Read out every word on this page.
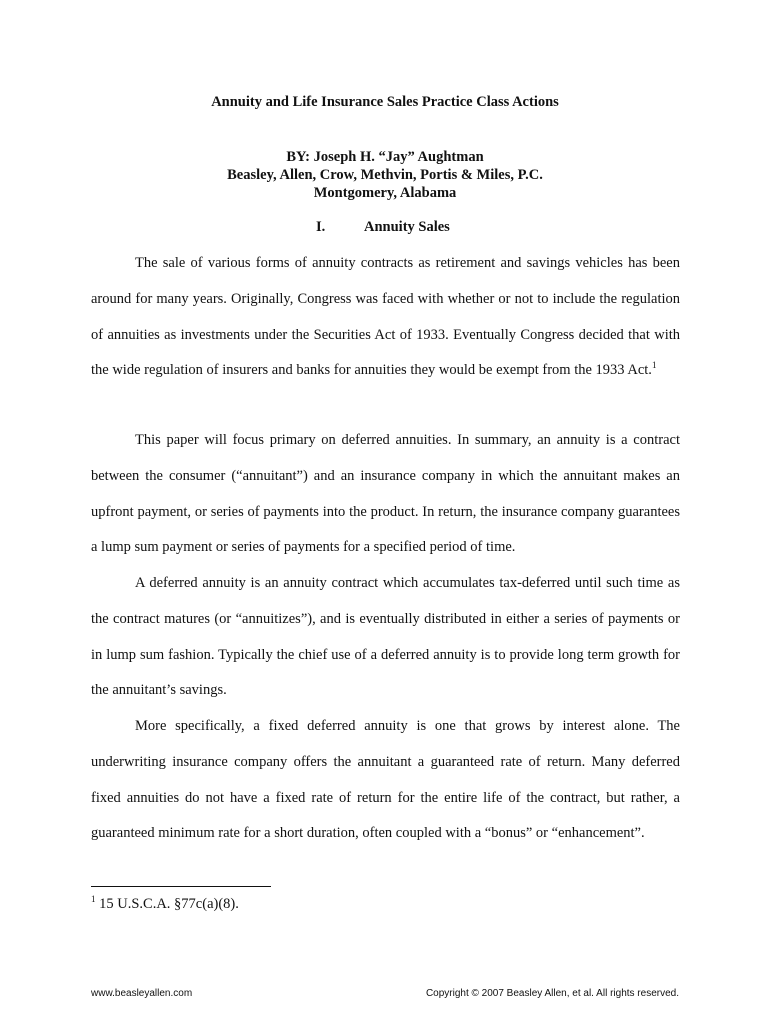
Annuity and Life Insurance Sales Practice Class Actions
BY: Joseph H. “Jay” Aughtman
Beasley, Allen, Crow, Methvin, Portis & Miles, P.C.
Montgomery, Alabama
I.	Annuity Sales

The sale of various forms of annuity contracts as retirement and savings vehicles has been around for many years. Originally, Congress was faced with whether or not to include the regulation of annuities as investments under the Securities Act of 1933. Eventually Congress decided that with the wide regulation of insurers and banks for annuities they would be exempt from the 1933 Act.$^1$

This paper will focus primary on deferred annuities. In summary, an annuity is a contract between the consumer (“annuitant”) and an insurance company in which the annuitant makes an upfront payment, or series of payments into the product. In return, the insurance company guarantees a lump sum payment or series of payments for a specified period of time.

A deferred annuity is an annuity contract which accumulates tax-deferred until such time as the contract matures (or “annuitizes”), and is eventually distributed in either a series of payments or in lump sum fashion. Typically the chief use of a deferred annuity is to provide long term growth for the annuitant’s savings.

More specifically, a fixed deferred annuity is one that grows by interest alone. The underwriting insurance company offers the annuitant a guaranteed rate of return. Many deferred fixed annuities do not have a fixed rate of return for the entire life of the contract, but rather, a guaranteed minimum rate for a short duration, often coupled with a “bonus” or “enhancement”.

$^1$ 15 U.S.C.A. §77c(a)(8).
www.beasleyallen.com	Copyright © 2007 Beasley Allen, et al. All rights reserved.
